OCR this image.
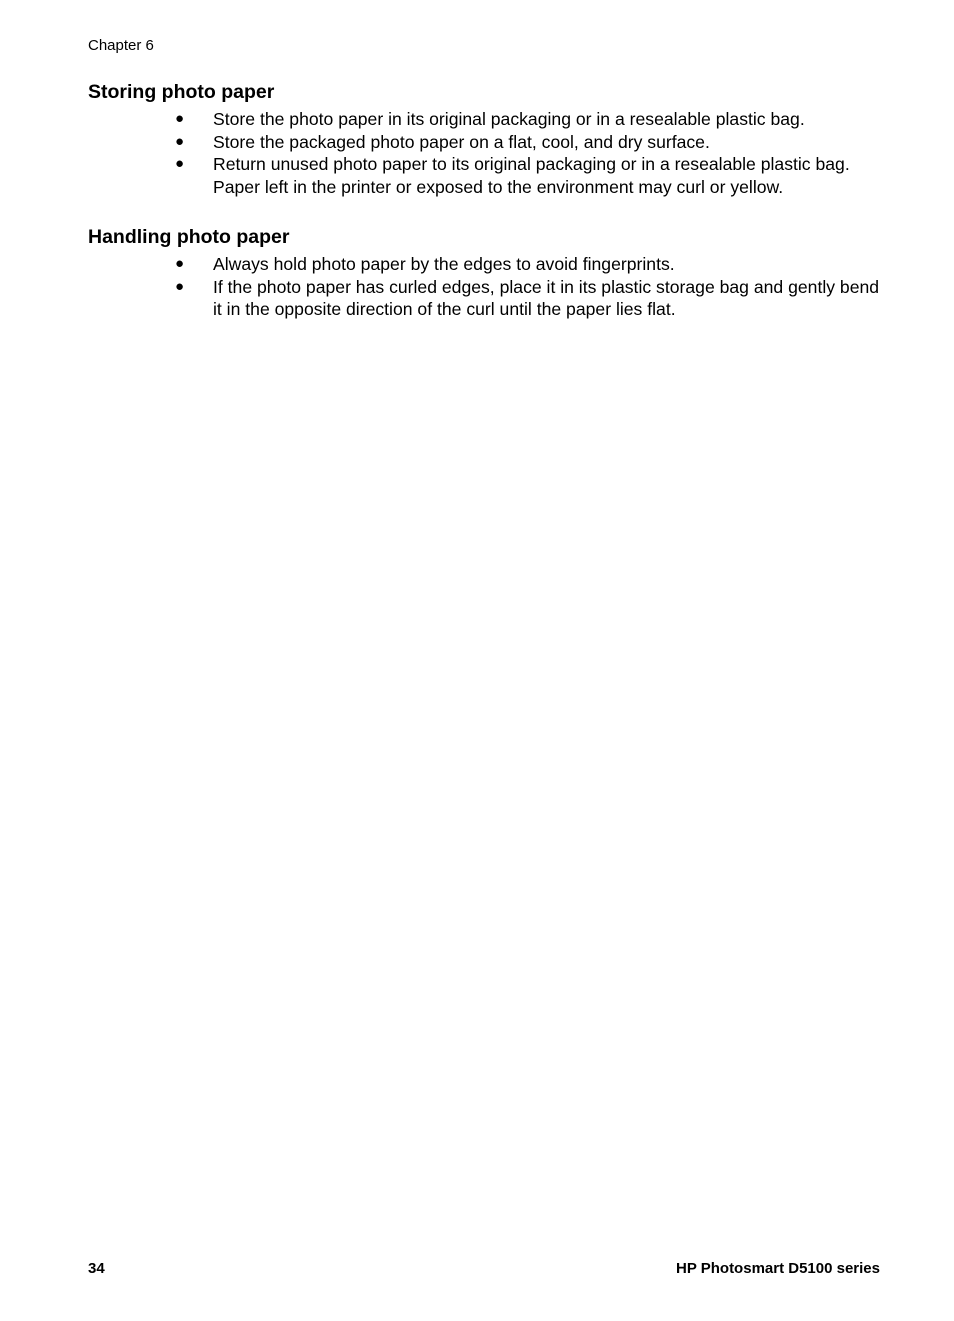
Chapter 6
Storing photo paper
● Store the photo paper in its original packaging or in a resealable plastic bag.
● Store the packaged photo paper on a flat, cool, and dry surface.
● Return unused photo paper to its original packaging or in a resealable plastic bag. Paper left in the printer or exposed to the environment may curl or yellow.
Handling photo paper
● Always hold photo paper by the edges to avoid fingerprints.
● If the photo paper has curled edges, place it in its plastic storage bag and gently bend it in the opposite direction of the curl until the paper lies flat.
34	HP Photosmart D5100 series
